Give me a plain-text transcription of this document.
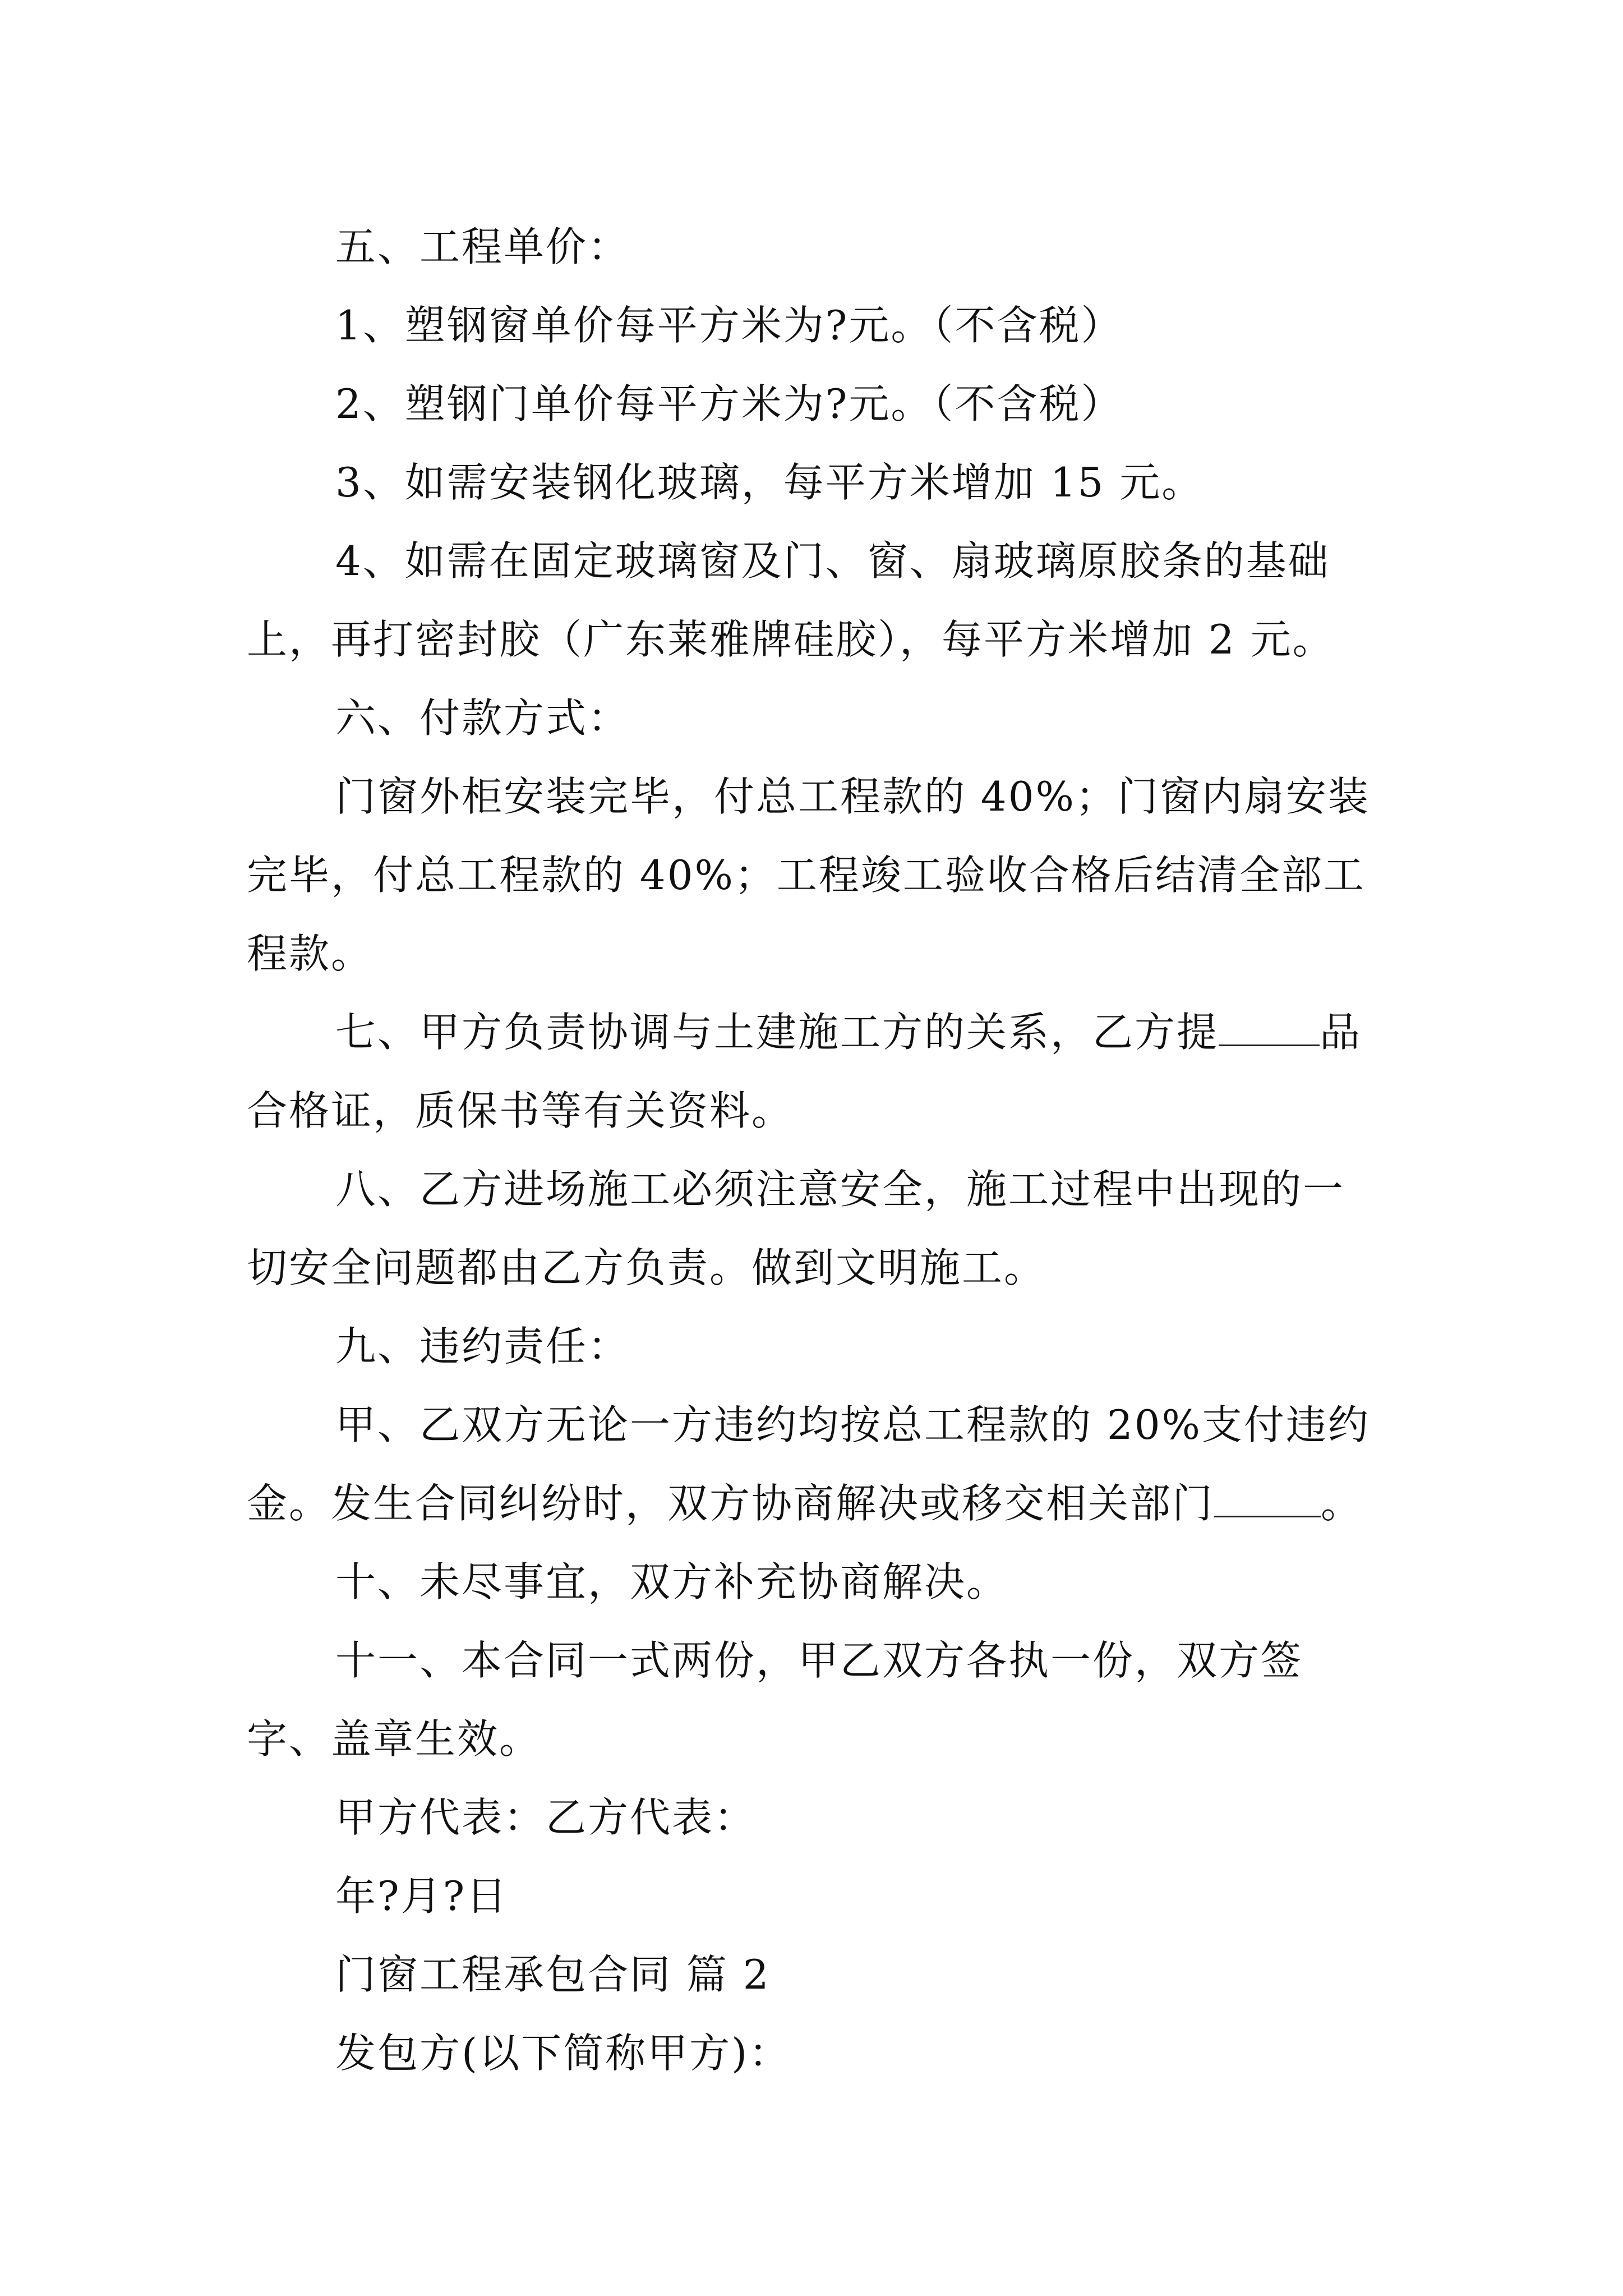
五、工程单价：

1、塑钢窗单价每平方米为?元。（不含税）

2、塑钢门单价每平方米为?元。（不含税）

3、如需安装钢化玻璃，每平方米增加 15 元。

4、如需在固定玻璃窗及门、窗、扇玻璃原胶条的基础上，再打密封胶（广东莱雅牌硅胶），每平方米增加 2 元。

六、付款方式：

门窗外柜安装完毕，付总工程款的 40%；门窗内扇安装完毕，付总工程款的 40%；工程竣工验收合格后结清全部工程款。

七、甲方负责协调与土建施工方的关系，乙方提	品合格证，质保书等有关资料。

八、乙方进场施工必须注意安全，施工过程中出现的一切安全问题都由乙方负责。做到文明施工。

九、违约责任：

甲、乙双方无论一方违约均按总工程款的 20%支付违约金。发生合同纠纷时，双方协商解决或移交相关部门	。

十、未尽事宜，双方补充协商解决。

十一、本合同一式两份，甲乙双方各执一份，双方签字、盖章生效。

甲方代表：乙方代表：

年?月?日

门窗工程承包合同 篇 2

发包方(以下简称甲方)：
